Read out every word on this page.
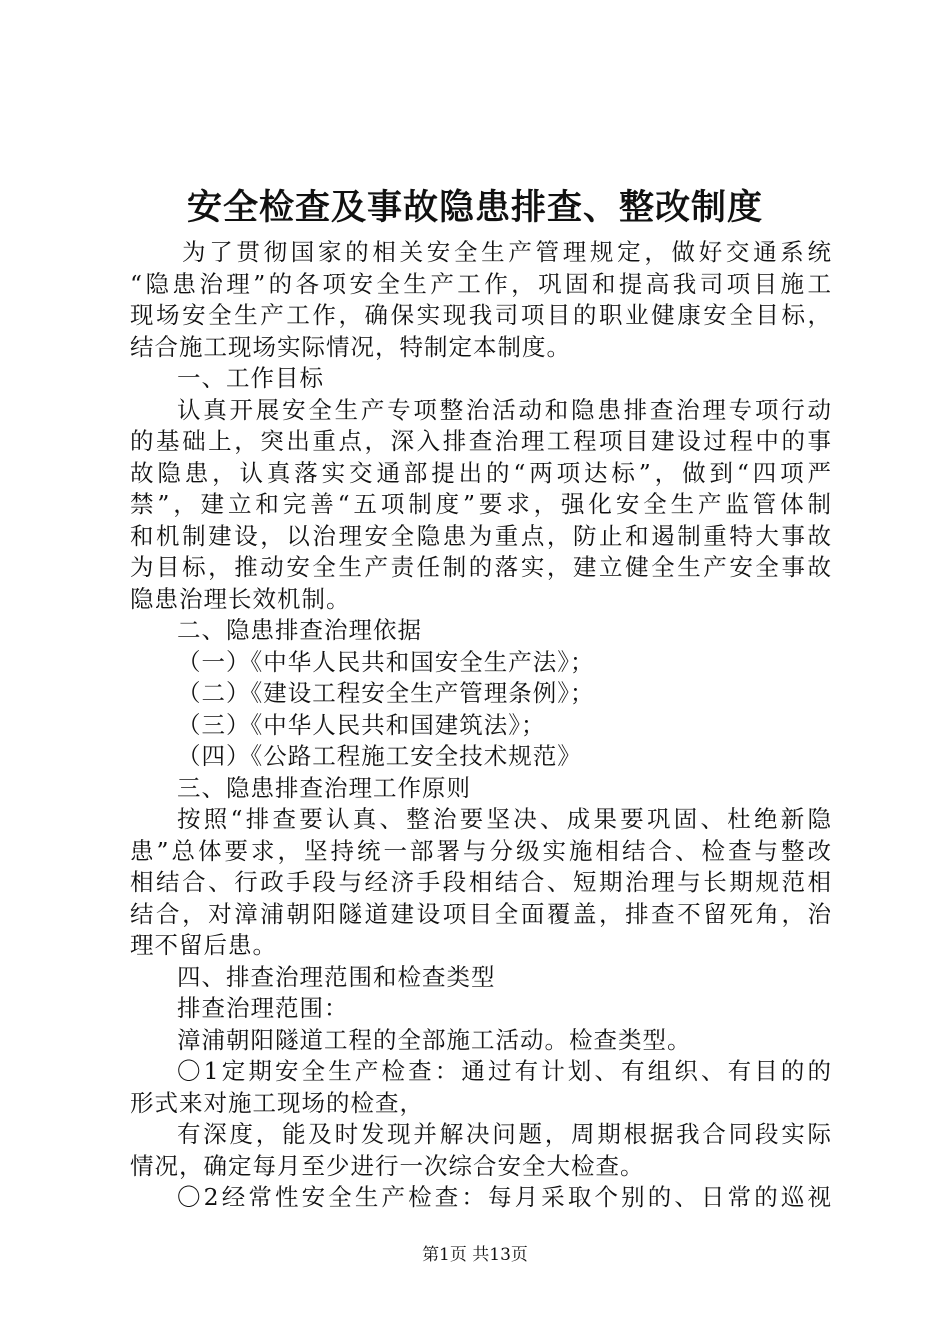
安全检查及事故隐患排查、整改制度
为了贯彻国家的相关安全生产管理规定，做好交通系统
“隐患治理”的各项安全生产工作，巩固和提高我司项目施工
现场安全生产工作，确保实现我司项目的职业健康安全目标，
结合施工现场实际情况，特制定本制度。
一、工作目标
认真开展安全生产专项整治活动和隐患排查治理专项行动
的基础上，突出重点，深入排查治理工程项目建设过程中的事
故隐患，认真落实交通部提出的“两项达标”，做到“四项严
禁”，建立和完善“五项制度”要求，强化安全生产监管体制
和机制建设，以治理安全隐患为重点，防止和遏制重特大事故
为目标，推动安全生产责任制的落实，建立健全生产安全事故
隐患治理长效机制。
二、隐患排查治理依据
（一）《中华人民共和国安全生产法》；
（二）《建设工程安全生产管理条例》；
（三）《中华人民共和国建筑法》；
（四）《公路工程施工安全技术规范》
三、隐患排查治理工作原则
按照“排查要认真、整治要坚决、成果要巩固、杜绝新隐
患”总体要求，坚持统一部署与分级实施相结合、检查与整改
相结合、行政手段与经济手段相结合、短期治理与长期规范相
结合，对漳浦朝阳隧道建设项目全面覆盖，排查不留死角，治
理不留后患。
四、排查治理范围和检查类型
排查治理范围：
漳浦朝阳隧道工程的全部施工活动。检查类型。
〇1定期安全生产检查：通过有计划、有组织、有目的的
形式来对施工现场的检查，
有深度，能及时发现并解决问题，周期根据我合同段实际
情况，确定每月至少进行一次综合安全大检查。
〇2经常性安全生产检查：每月采取个别的、日常的巡视
第1页 共13页
